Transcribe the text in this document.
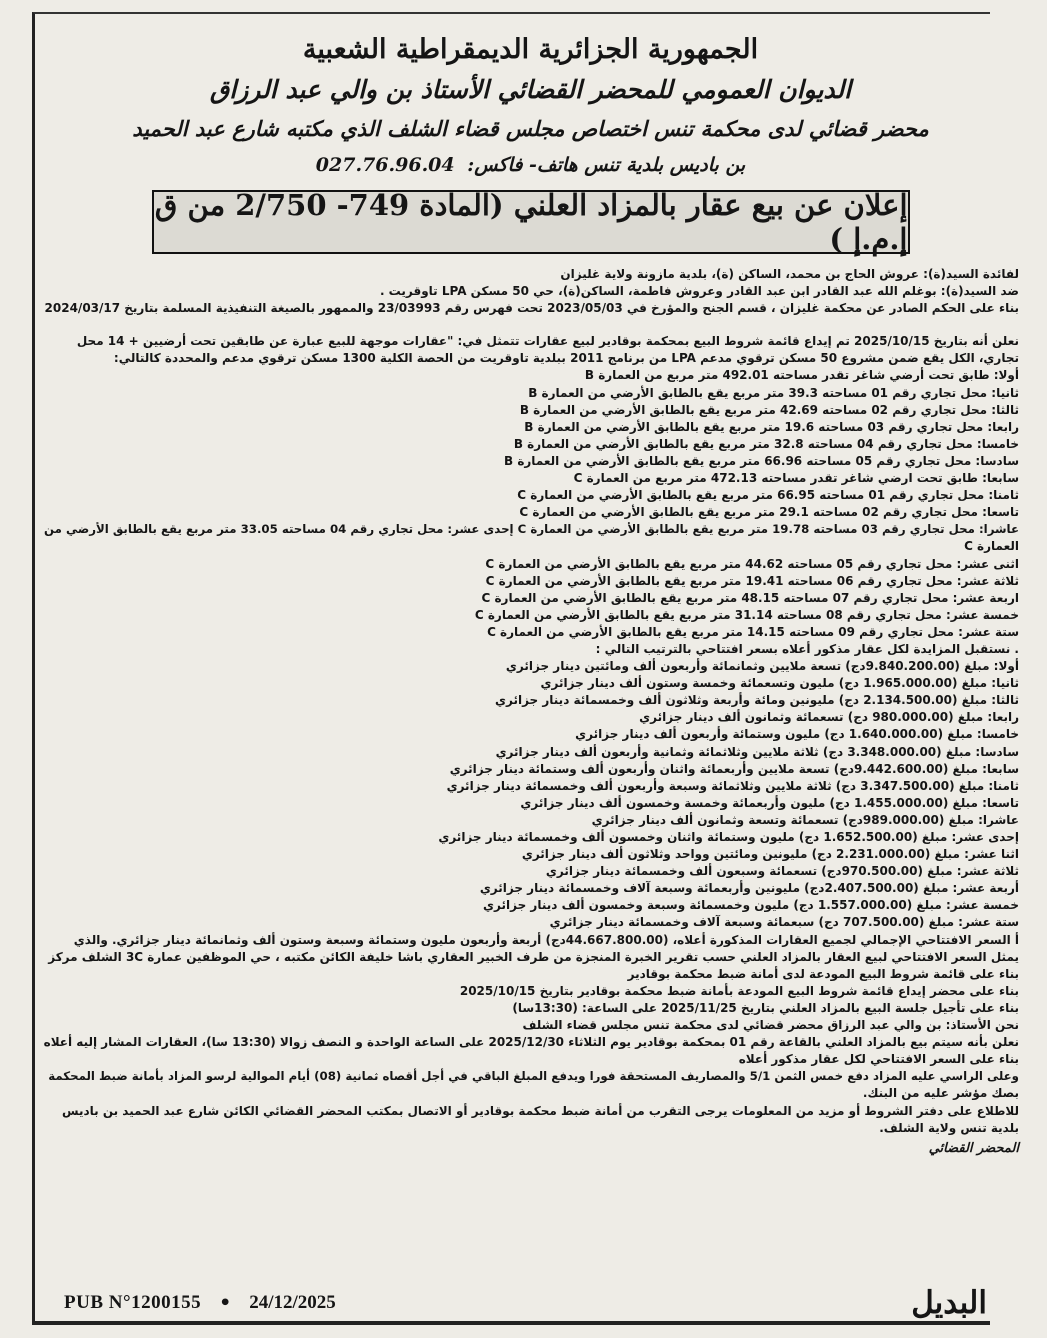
الجمهورية الجزائرية الديمقراطية الشعبية
الديوان العمومي للمحضر القضائي الأستاذ بن والي عبد الرزاق
محضر قضائي لدى محكمة تنس اختصاص مجلس قضاء الشلف الذي مكتبه شارع عبد الحميد
بن باديس بلدية تنس هاتف- فاكس: 027.76.96.04
إعلان عن بيع عقار بالمزاد العلني (المادة 749- 2/750 من ق إ.م.إ )
لفائدة السيد(ة): عروش الحاج بن محمد، الساكن (ة)، بلدية مازونة ولاية غليزان
ضد السيد(ة): بوغلم الله عبد القادر ابن عبد القادر وعروش فاطمة، الساكن(ة)، حي 50 مسكن LPA تاوقريت .
بناء على الحكم الصادر عن محكمة غليزان ، قسم الجنح والمؤرخ في 2023/05/03 تحت فهرس رقم 23/03993 والممهور بالصيغة التنفيذية المسلمة بتاريخ 2024/03/17
نعلن أنه بتاريخ 2025/10/15 تم إيداع قائمة شروط البيع بمحكمة بوقادير لبيع عقارات تتمثل في: "عقارات موجهة للبيع عبارة عن طابقين تحت أرضيين + 14 محل
تجاري، الكل يقع ضمن مشروع 50 مسكن ترقوي مدعم LPA من برنامج 2011 ببلدية تاوقريت من الحصة الكلية 1300 مسكن ترقوي مدعم والمحددة كالتالي:
أولا: طابق تحت أرضي شاغر تقدر مساحته 492.01 متر مربع من العمارة B
ثانيا: محل تجاري رقم 01 مساحته 39.3 متر مربع يقع بالطابق الأرضي من العمارة B
ثالثا: محل تجاري رقم 02 مساحته 42.69 متر مربع يقع بالطابق الأرضي من العمارة B
رابعا: محل تجاري رقم 03 مساحته 19.6 متر مربع يقع بالطابق الأرضي من العمارة B
خامسا: محل تجاري رقم 04 مساحته 32.8 متر مربع يقع بالطابق الأرضي من العمارة B
سادسا: محل تجاري رقم 05 مساحته 66.96 متر مربع يقع بالطابق الأرضي من العمارة B
سابعا: طابق تحت ارضي شاغر تقدر مساحته 472.13 متر مربع من العمارة C
ثامنا: محل تجاري رقم 01 مساحته 66.95 متر مربع يقع بالطابق الأرضي من العمارة C
تاسعا: محل تجاري رقم 02 مساحته 29.1 متر مربع يقع بالطابق الأرضي من العمارة C
عاشرا: محل تجاري رقم 03 مساحته 19.78 متر مربع يقع بالطابق الأرضي من العمارة C إحدى عشر: محل تجاري رقم 04 مساحته 33.05 متر مربع يقع بالطابق الأرضي من
العمارة C
اثنى عشر: محل تجاري رقم 05 مساحته 44.62 متر مربع يقع بالطابق الأرضي من العمارة C
ثلاثة عشر: محل تجاري رقم 06 مساحته 19.41 متر مربع يقع بالطابق الأرضي من العمارة C
اربعة عشر: محل تجاري رقم 07 مساحته 48.15 متر مربع يقع بالطابق الأرضي من العمارة C
خمسة عشر: محل تجاري رقم 08 مساحته 31.14 متر مربع يقع بالطابق الأرضي من العمارة C
ستة عشر: محل تجاري رقم 09 مساحته 14.15 متر مربع يقع بالطابق الأرضي من العمارة C
. نستقبل المزايدة لكل عقار مذكور أعلاه بسعر افتتاحي بالترتيب التالي :
أولا: مبلغ (9.840.200.00دج) تسعة ملايين وثمانمائة وأربعون ألف ومائتين دينار جزائري
ثانيا: مبلغ (1.965.000.00 دج) مليون وتسعمائة وخمسة وستون ألف دينار جزائري
ثالثا: مبلغ (2.134.500.00 دج) مليونين ومائة وأربعة وثلاثون ألف وخمسمائة دينار جزائري
رابعا: مبلغ (980.000.00 دج) تسعمائة وثمانون ألف دينار جزائري
خامسا: مبلغ (1.640.000.00 دج) مليون وستمائة وأربعون ألف دينار جزائري
سادسا: مبلغ (3.348.000.00 دج) ثلاثة ملايين وثلاثمائة وثمانية وأربعون ألف دينار جزائري
سابعا: مبلغ (9.442.600.00دج) تسعة ملايين وأربعمائة واثنان وأربعون ألف وستمائة دينار جزائري
ثامنا: مبلغ (3.347.500.00 دج) ثلاثة ملايين وثلاثمائة وسبعة وأربعون ألف وخمسمائة دينار جزائري
تاسعا: مبلغ (1.455.000.00 دج) مليون وأربعمائة وخمسة وخمسون ألف دينار جزائري
عاشرا: مبلغ (989.000.00دج) تسعمائة وتسعة وثمانون ألف دينار جزائري
إحدى عشر: مبلغ (1.652.500.00 دج) مليون وستمائة واثنان وخمسون ألف وخمسمائة دينار جزائري
اثنا عشر: مبلغ (2.231.000.00 دج) مليونين ومائتين وواحد وثلاثون ألف دينار جزائري
ثلاثة عشر: مبلغ (970.500.00دج) تسعمائة وسبعون ألف وخمسمائة دينار جزائري
أربعة عشر: مبلغ (2.407.500.00دج) مليونين وأربعمائة وسبعة آلاف وخمسمائة دينار جزائري
خمسة عشر: مبلغ (1.557.000.00 دج) مليون وخمسمائة وسبعة وخمسون ألف دينار جزائري
ستة عشر: مبلغ (707.500.00 دج) سبعمائة وسبعة آلاف وخمسمائة دينار جزائري
أ السعر الافتتاحي الإجمالي لجميع العقارات المذكورة أعلاه، (44.667.800.00دج) أربعة وأربعون مليون وستمائة وسبعة وستون ألف وثمانمائة دينار جزائري. والذي
يمثل السعر الافتتاحي لبيع العقار بالمزاد العلني حسب تقرير الخبرة المنجزة من طرف الخبير العقاري باشا خليفة الكائن مكتبه ، حي الموظفين عمارة 3C الشلف مركز
بناء على قائمة شروط البيع المودعة لدى أمانة ضبط محكمة بوقادير
بناء على محضر إيداع قائمة شروط البيع المودعة بأمانة ضبط محكمة بوقادير بتاريخ 2025/10/15
بناء على تأجيل جلسة البيع بالمزاد العلني بتاريخ 2025/11/25 على الساعة: (13:30سا)
نحن الأستاذ: بن والي عبد الرزاق محضر قضائي لدى محكمة تنس مجلس قضاء الشلف
نعلن بأنه سيتم بيع بالمزاد العلني بالقاعة رقم 01 بمحكمة بوقادير يوم الثلاثاء 2025/12/30 على الساعة الواحدة و النصف زوالا (13:30 سا)، العقارات المشار إليه أعلاه
بناء على السعر الافتتاحي لكل عقار مذكور أعلاه
وعلى الراسي عليه المزاد دفع خمس الثمن 5/1 والمصاريف المستحقة فورا ويدفع المبلغ الباقي في أجل أقصاه ثمانية (08) أيام الموالية لرسو المزاد بأمانة ضبط المحكمة
بصك مؤشر عليه من البنك.
للاطلاع على دفتر الشروط أو مزيد من المعلومات يرجى التقرب من أمانة ضبط محكمة بوقادير أو الاتصال بمكتب المحضر القضائي الكائن شارع عبد الحميد بن باديس
بلدية تنس ولاية الشلف.
المحضر القضائي
PUB N°1200155 • 24/12/2025	البديل
